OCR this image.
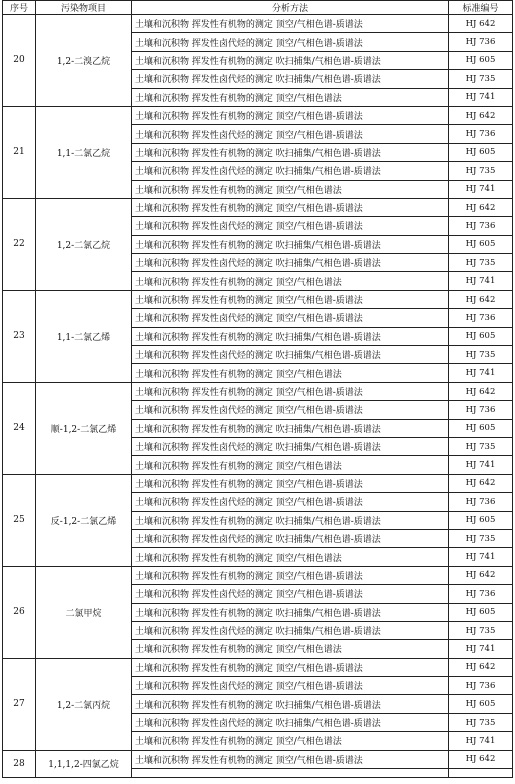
序号	污染物项目	分析方法	标准编号
20	1,2-二溴乙烷	土壤和沉积物 挥发性有机物的测定 顶空/气相色谱-质谱法	HJ 642
		土壤和沉积物 挥发性卤代烃的测定 顶空/气相色谱-质谱法	HJ 736
		土壤和沉积物 挥发性有机物的测定 吹扫捕集/气相色谱-质谱法	HJ 605
		土壤和沉积物 挥发性卤代烃的测定 吹扫捕集/气相色谱-质谱法	HJ 735
		土壤和沉积物 挥发性有机物的测定 顶空/气相色谱法	HJ 741
21	1,1-二氯乙烷	土壤和沉积物 挥发性有机物的测定 顶空/气相色谱-质谱法	HJ 642
		土壤和沉积物 挥发性卤代烃的测定 顶空/气相色谱-质谱法	HJ 736
		土壤和沉积物 挥发性有机物的测定 吹扫捕集/气相色谱-质谱法	HJ 605
		土壤和沉积物 挥发性卤代烃的测定 吹扫捕集/气相色谱-质谱法	HJ 735
		土壤和沉积物 挥发性有机物的测定 顶空/气相色谱法	HJ 741
22	1,2-二氯乙烷	土壤和沉积物 挥发性有机物的测定 顶空/气相色谱-质谱法	HJ 642
		土壤和沉积物 挥发性卤代烃的测定 顶空/气相色谱-质谱法	HJ 736
		土壤和沉积物 挥发性有机物的测定 吹扫捕集/气相色谱-质谱法	HJ 605
		土壤和沉积物 挥发性卤代烃的测定 吹扫捕集/气相色谱-质谱法	HJ 735
		土壤和沉积物 挥发性有机物的测定 顶空/气相色谱法	HJ 741
23	1,1-二氯乙烯	土壤和沉积物 挥发性有机物的测定 顶空/气相色谱-质谱法	HJ 642
		土壤和沉积物 挥发性卤代烃的测定 顶空/气相色谱-质谱法	HJ 736
		土壤和沉积物 挥发性有机物的测定 吹扫捕集/气相色谱-质谱法	HJ 605
		土壤和沉积物 挥发性卤代烃的测定 吹扫捕集/气相色谱-质谱法	HJ 735
		土壤和沉积物 挥发性有机物的测定 顶空/气相色谱法	HJ 741
24	顺-1,2-二氯乙烯	土壤和沉积物 挥发性有机物的测定 顶空/气相色谱-质谱法	HJ 642
		土壤和沉积物 挥发性卤代烃的测定 顶空/气相色谱-质谱法	HJ 736
		土壤和沉积物 挥发性有机物的测定 吹扫捕集/气相色谱-质谱法	HJ 605
		土壤和沉积物 挥发性卤代烃的测定 吹扫捕集/气相色谱-质谱法	HJ 735
		土壤和沉积物 挥发性有机物的测定 顶空/气相色谱法	HJ 741
25	反-1,2-二氯乙烯	土壤和沉积物 挥发性有机物的测定 顶空/气相色谱-质谱法	HJ 642
		土壤和沉积物 挥发性卤代烃的测定 顶空/气相色谱-质谱法	HJ 736
		土壤和沉积物 挥发性有机物的测定 吹扫捕集/气相色谱-质谱法	HJ 605
		土壤和沉积物 挥发性卤代烃的测定 吹扫捕集/气相色谱-质谱法	HJ 735
		土壤和沉积物 挥发性有机物的测定 顶空/气相色谱法	HJ 741
26	二氯甲烷	土壤和沉积物 挥发性有机物的测定 顶空/气相色谱-质谱法	HJ 642
		土壤和沉积物 挥发性卤代烃的测定 顶空/气相色谱-质谱法	HJ 736
		土壤和沉积物 挥发性有机物的测定 吹扫捕集/气相色谱-质谱法	HJ 605
		土壤和沉积物 挥发性卤代烃的测定 吹扫捕集/气相色谱-质谱法	HJ 735
		土壤和沉积物 挥发性有机物的测定 顶空/气相色谱法	HJ 741
27	1,2-二氯丙烷	土壤和沉积物 挥发性有机物的测定 顶空/气相色谱-质谱法	HJ 642
		土壤和沉积物 挥发性卤代烃的测定 顶空/气相色谱-质谱法	HJ 736
		土壤和沉积物 挥发性有机物的测定 吹扫捕集/气相色谱-质谱法	HJ 605
		土壤和沉积物 挥发性卤代烃的测定 吹扫捕集/气相色谱-质谱法	HJ 735
		土壤和沉积物 挥发性有机物的测定 顶空/气相色谱法	HJ 741
28	1,1,1,2-四氯乙烷	土壤和沉积物 挥发性有机物的测定 顶空/气相色谱-质谱法	HJ 642
